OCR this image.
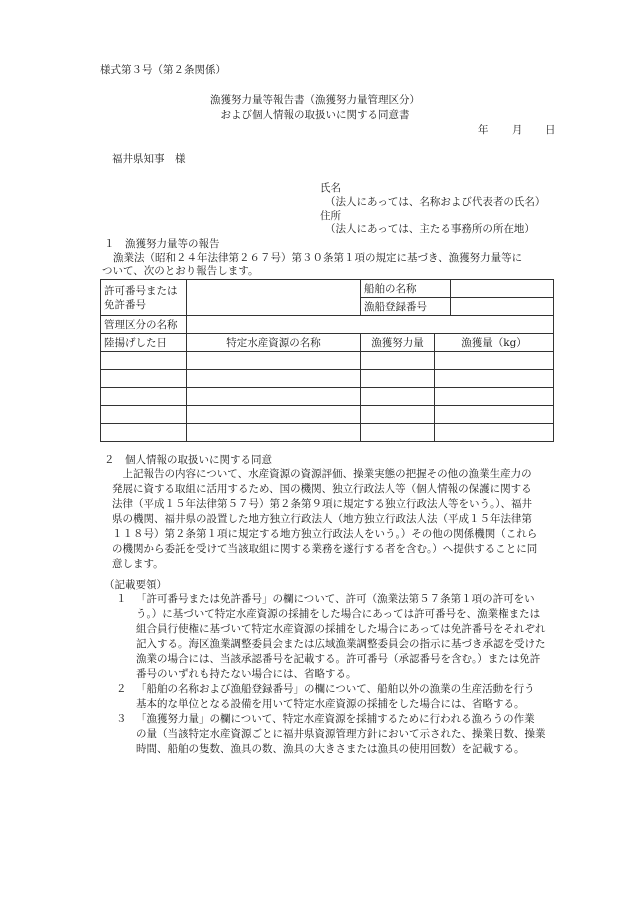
様式第３号（第２条関係）
漁獲努力量等報告書（漁獲努力量管理区分）
および個人情報の取扱いに関する同意書
年 月 日
福井県知事　様
氏名
（法人にあっては、名称および代表者の氏名）
住所
（法人にあっては、主たる事務所の所在地）
１　漁獲努力量等の報告
漁業法（昭和２４年法律第２６７号）第３０条第１項の規定に基づき、漁獲努力量等に
ついて、次のとおり報告します。
許可番号または
免許番号		船舶の名称		
		漁船登録番号		
管理区分の名称				
陸揚げした日	特定水産資源の名称	漁獲努力量	漁獲量（kg）	

２　個人情報の取扱いに関する同意
　上記報告の内容について、水産資源の資源評価、操業実態の把握その他の漁業生産力の
発展に資する取組に活用するため、国の機関、独立行政法人等（個人情報の保護に関する
法律（平成１５年法律第５７号）第２条第９項に規定する独立行政法人等をいう。）、福井
県の機関、福井県の設置した地方独立行政法人（地方独立行政法人法（平成１５年法律第
１１８号）第２条第１項に規定する地方独立行政法人をいう。）その他の関係機関（これら
の機関から委託を受けて当該取組に関する業務を遂行する者を含む。）へ提供することに同
意します。
（記載要領）
１ 「許可番号または免許番号」の欄について、許可（漁業法第５７条第１項の許可をい
う。）に基づいて特定水産資源の採捕をした場合にあっては許可番号を、漁業権または
組合員行使権に基づいて特定水産資源の採捕をした場合にあっては免許番号をそれぞれ
記入する。海区漁業調整委員会または広域漁業調整委員会の指示に基づき承認を受けた
漁業の場合には、当該承認番号を記載する。許可番号（承認番号を含む。）または免許
番号のいずれも持たない場合には、省略する。
２ 「船舶の名称および漁船登録番号」の欄について、船舶以外の漁業の生産活動を行う
基本的な単位となる設備を用いて特定水産資源の採捕をした場合には、省略する。
３ 「漁獲努力量」の欄について、特定水産資源を採捕するために行われる漁ろうの作業
の量（当該特定水産資源ごとに福井県資源管理方針において示された、操業日数、操業
時間、船舶の隻数、漁具の数、漁具の大きさまたは漁具の使用回数）を記載する。
